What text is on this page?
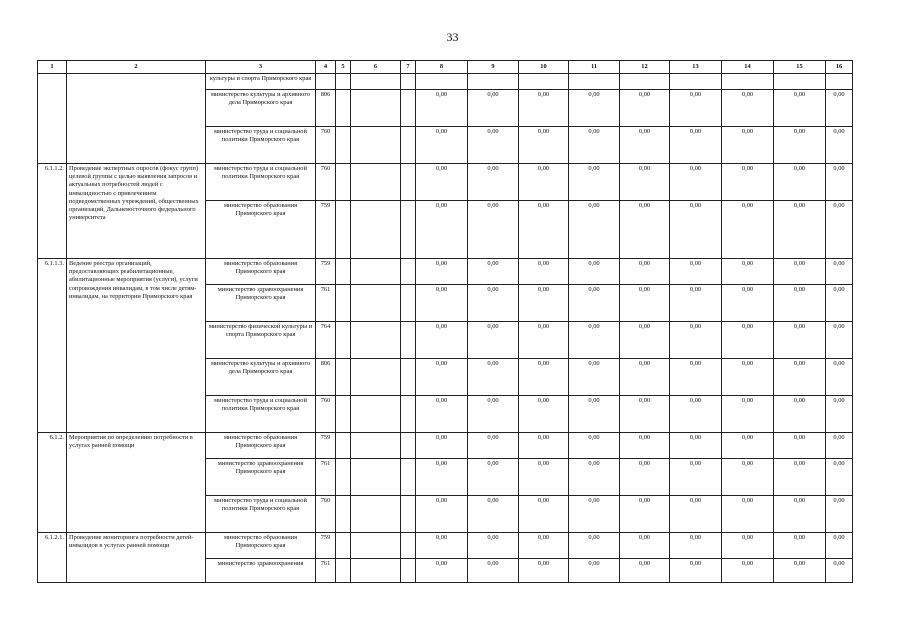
33
1	2	3	4	5	6	7	8	9	10	11	12	13	14	15	16
		культуры и спорта Приморского края													
		министерство культуры и архивного дела Приморского края	806				0,00	0,00	0,00	0,00	0,00	0,00	0,00	0,00	0,00
		министерство труда и социальной политики Приморского края	760				0,00	0,00	0,00	0,00	0,00	0,00	0,00	0,00	0,00
6.1.1.2.	Проведение экспертных опросов (фокус групп) целевой группы с целью выявления запросов и актуальных потребностей людей с инвалидностью с привлечением подведомственных учреждений, общественных организаций, Дальневосточного федерального университета	министерство труда и социальной политики Приморского края	760				0,00	0,00	0,00	0,00	0,00	0,00	0,00	0,00	0,00
		министерство образования Приморского края	759				0,00	0,00	0,00	0,00	0,00	0,00	0,00	0,00	0,00
6.1.1.3.	Ведение реестра организаций, предоставляющих реабилитационные, абилитационные мероприятия (услуги), услуги сопровождения инвалидам, в том числе детям-инвалидам, на территории Приморского края	министерство образования Приморского края	759				0,00	0,00	0,00	0,00	0,00	0,00	0,00	0,00	0,00
		министерство здравоохранения Приморского края	761				0,00	0,00	0,00	0,00	0,00	0,00	0,00	0,00	0,00
		министерство физической культуры и спорта Приморского края	764				0,00	0,00	0,00	0,00	0,00	0,00	0,00	0,00	0,00
		министерство культуры и архивного дела Приморского края	806				0,00	0,00	0,00	0,00	0,00	0,00	0,00	0,00	0,00
		министерство труда и социальной политики Приморского края	760				0,00	0,00	0,00	0,00	0,00	0,00	0,00	0,00	0,00
6.1.2.	Мероприятия по определению потребности в услугах ранней помощи	министерство образования Приморского края	759				0,00	0,00	0,00	0,00	0,00	0,00	0,00	0,00	0,00
		министерство здравоохранения Приморского края	761				0,00	0,00	0,00	0,00	0,00	0,00	0,00	0,00	0,00
		министерство труда и социальной политики Приморского края	760				0,00	0,00	0,00	0,00	0,00	0,00	0,00	0,00	0,00
6.1.2.1.	Проведение мониторинга потребности детей-инвалидов в услугах ранней помощи	министерство образования Приморского края	759				0,00	0,00	0,00	0,00	0,00	0,00	0,00	0,00	0,00
		министерство здравоохранения	761				0,00	0,00	0,00	0,00	0,00	0,00	0,00	0,00	0,00
